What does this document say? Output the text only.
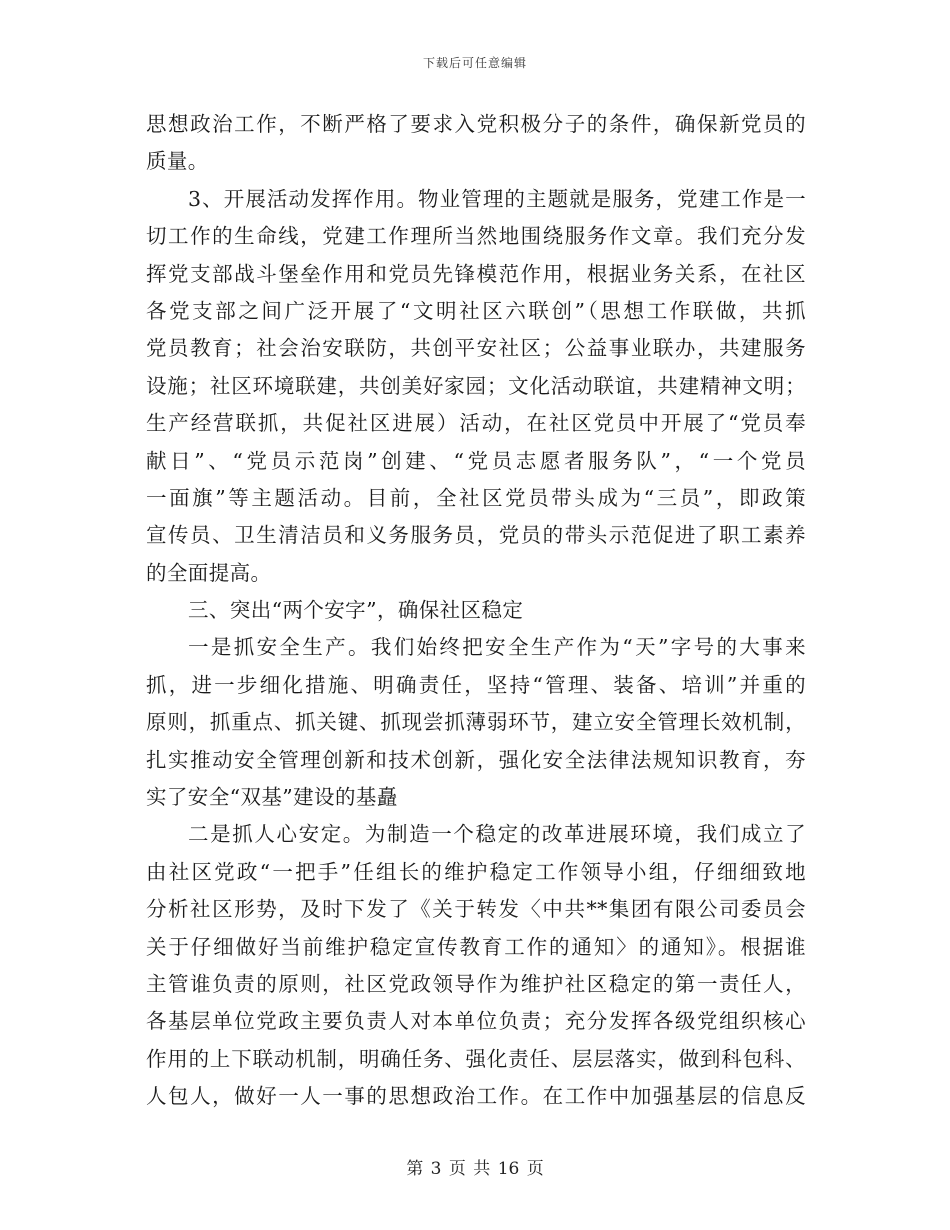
下载后可任意编辑
思想政治工作，不断严格了要求入党积极分子的条件，确保新党员的
质量。
3、开展活动发挥作用。物业管理的主题就是服务，党建工作是一
切工作的生命线，党建工作理所当然地围绕服务作文章。我们充分发
挥党支部战斗堡垒作用和党员先锋模范作用，根据业务关系，在社区
各党支部之间广泛开展了“文明社区六联创”（思想工作联做，共抓
党员教育；社会治安联防，共创平安社区；公益事业联办，共建服务
设施；社区环境联建，共创美好家园；文化活动联谊，共建精神文明；
生产经营联抓，共促社区进展）活动，在社区党员中开展了“党员奉
献日”、“党员示范岗”创建、“党员志愿者服务队”，“一个党员
一面旗”等主题活动。目前，全社区党员带头成为“三员”，即政策
宣传员、卫生清洁员和义务服务员，党员的带头示范促进了职工素养
的全面提高。
三、突出“两个安字”，确保社区稳定
一是抓安全生产。我们始终把安全生产作为“天”字号的大事来
抓，进一步细化措施、明确责任，坚持“管理、装备、培训”并重的
原则，抓重点、抓关键、抓现尝抓薄弱环节，建立安全管理长效机制，
扎实推动安全管理创新和技术创新，强化安全法律法规知识教育，夯
实了安全“双基”建设的基矗
二是抓人心安定。为制造一个稳定的改革进展环境，我们成立了
由社区党政“一把手”任组长的维护稳定工作领导小组，仔细细致地
分析社区形势，及时下发了《关于转发〈中共**集团有限公司委员会
关于仔细做好当前维护稳定宣传教育工作的通知〉的通知》。根据谁
主管谁负责的原则，社区党政领导作为维护社区稳定的第一责任人，
各基层单位党政主要负责人对本单位负责；充分发挥各级党组织核心
作用的上下联动机制，明确任务、强化责任、层层落实，做到科包科、
人包人，做好一人一事的思想政治工作。在工作中加强基层的信息反
第 3 页 共 16 页
